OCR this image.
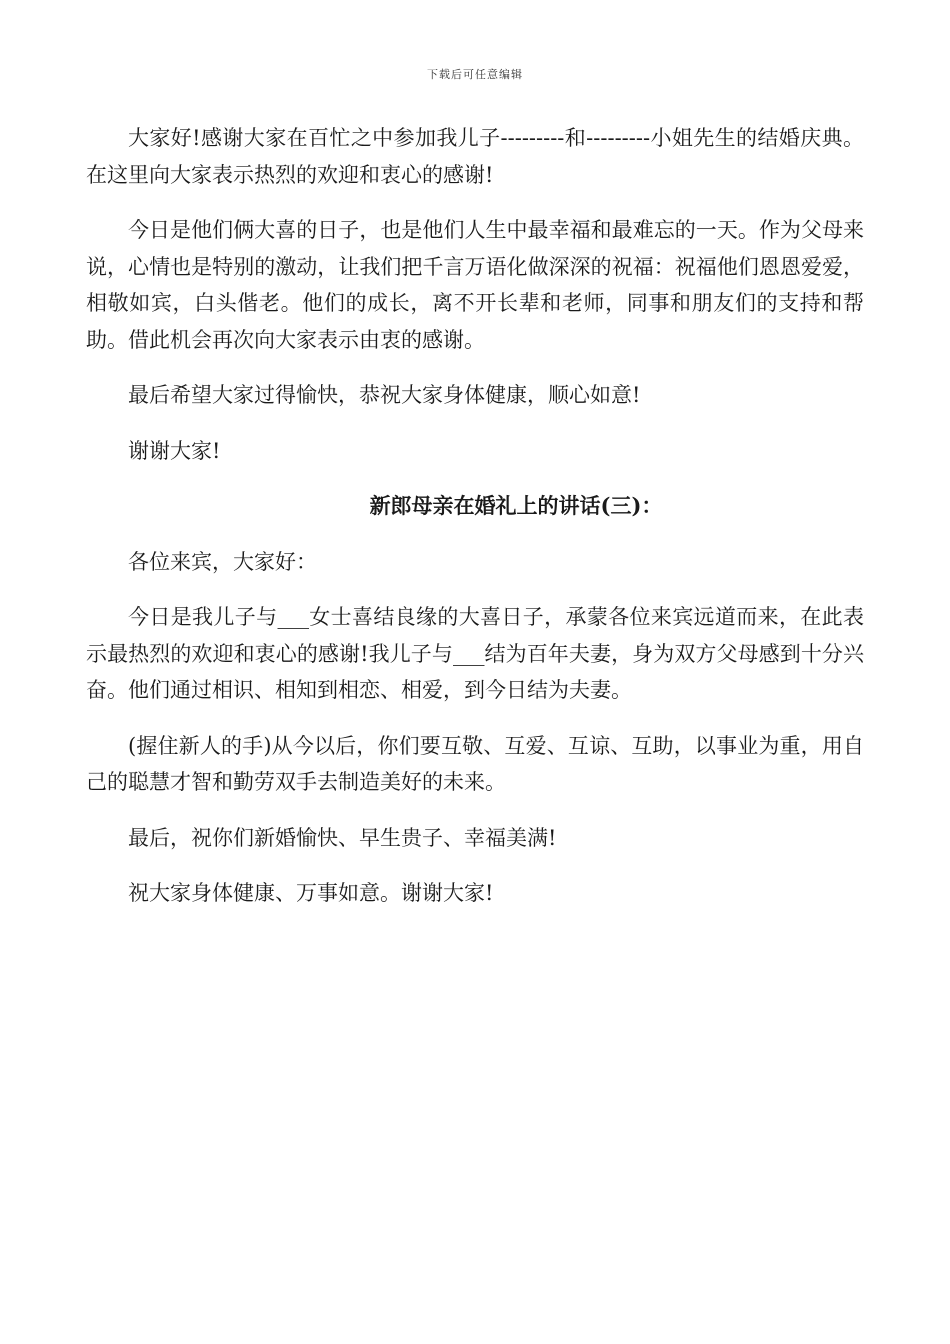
下载后可任意编辑

大家好!感谢大家在百忙之中参加我儿子---------和---------小姐先生的结婚庆典。在这里向大家表示热烈的欢迎和衷心的感谢!

今日是他们俩大喜的日子，也是他们人生中最幸福和最难忘的一天。作为父母来说，心情也是特别的激动，让我们把千言万语化做深深的祝福：祝福他们恩恩爱爱，相敬如宾，白头偕老。他们的成长，离不开长辈和老师，同事和朋友们的支持和帮助。借此机会再次向大家表示由衷的感谢。

最后希望大家过得愉快，恭祝大家身体健康，顺心如意!

谢谢大家!

新郎母亲在婚礼上的讲话(三)：

各位来宾，大家好：

今日是我儿子与___女士喜结良缘的大喜日子，承蒙各位来宾远道而来，在此表示最热烈的欢迎和衷心的感谢!我儿子与___结为百年夫妻，身为双方父母感到十分兴奋。他们通过相识、相知到相恋、相爱，到今日结为夫妻。

(握住新人的手)从今以后，你们要互敬、互爱、互谅、互助，以事业为重，用自己的聪慧才智和勤劳双手去制造美好的未来。

最后，祝你们新婚愉快、早生贵子、幸福美满!

祝大家身体健康、万事如意。谢谢大家!
